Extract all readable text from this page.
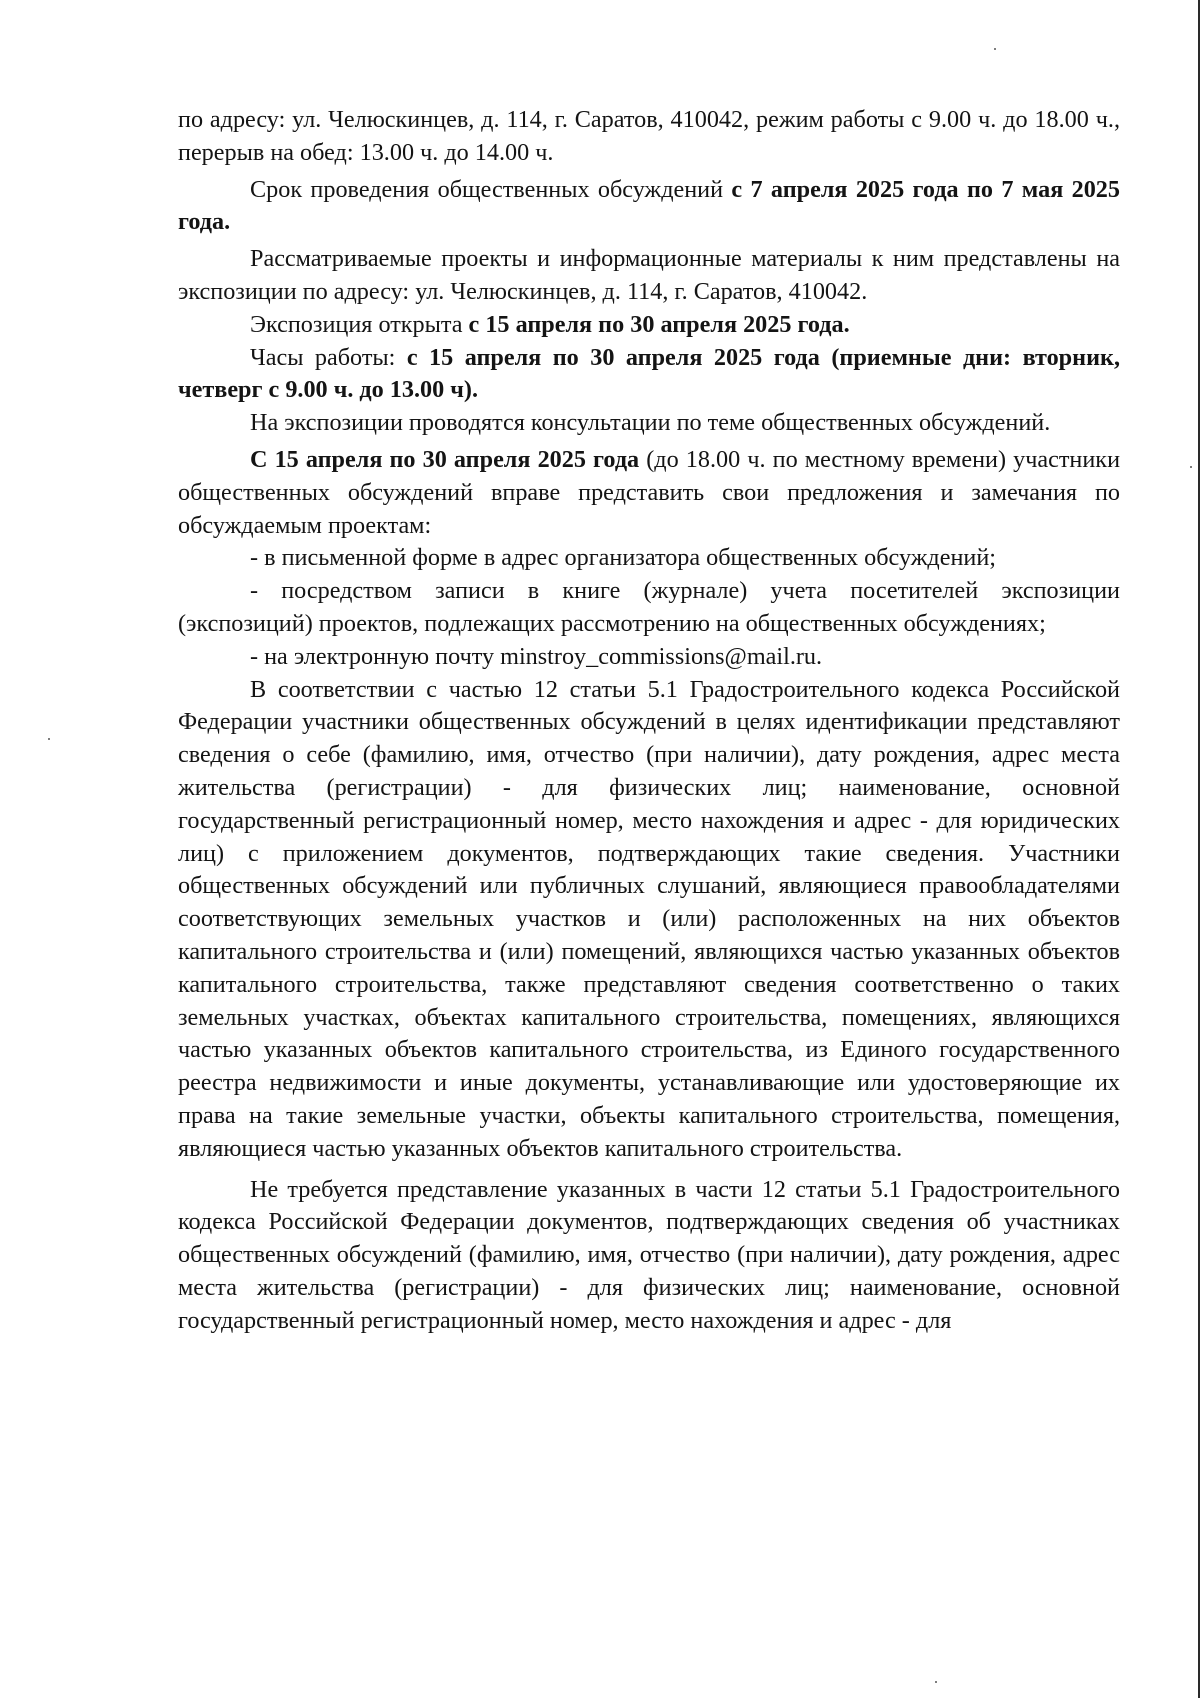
по адресу: ул. Челюскинцев, д. 114, г. Саратов, 410042, режим работы с 9.00 ч. до 18.00 ч., перерыв на обед: 13.00 ч. до 14.00 ч.

Срок проведения общественных обсуждений с 7 апреля 2025 года по 7 мая 2025 года.

Рассматриваемые проекты и информационные материалы к ним представлены на экспозиции по адресу: ул. Челюскинцев, д. 114, г. Саратов, 410042.

Экспозиция открыта с 15 апреля по 30 апреля 2025 года.

Часы работы: с 15 апреля по 30 апреля 2025 года (приемные дни: вторник, четверг с 9.00 ч. до 13.00 ч).

На экспозиции проводятся консультации по теме общественных обсуждений.

С 15 апреля по 30 апреля 2025 года (до 18.00 ч. по местному времени) участники общественных обсуждений вправе представить свои предложения и замечания по обсуждаемым проектам:

- в письменной форме в адрес организатора общественных обсуждений;

- посредством записи в книге (журнале) учета посетителей экспозиции (экспозиций) проектов, подлежащих рассмотрению на общественных обсуждениях;

- на электронную почту minstroy_commissions@mail.ru.

В соответствии с частью 12 статьи 5.1 Градостроительного кодекса Российской Федерации участники общественных обсуждений в целях идентификации представляют сведения о себе (фамилию, имя, отчество (при наличии), дату рождения, адрес места жительства (регистрации) - для физических лиц; наименование, основной государственный регистрационный номер, место нахождения и адрес - для юридических лиц) с приложением документов, подтверждающих такие сведения. Участники общественных обсуждений или публичных слушаний, являющиеся правообладателями соответствующих земельных участков и (или) расположенных на них объектов капитального строительства и (или) помещений, являющихся частью указанных объектов капитального строительства, также представляют сведения соответственно о таких земельных участках, объектах капитального строительства, помещениях, являющихся частью указанных объектов капитального строительства, из Единого государственного реестра недвижимости и иные документы, устанавливающие или удостоверяющие их права на такие земельные участки, объекты капитального строительства, помещения, являющиеся частью указанных объектов капитального строительства.

Не требуется представление указанных в части 12 статьи 5.1 Градостроительного кодекса Российской Федерации документов, подтверждающих сведения об участниках общественных обсуждений (фамилию, имя, отчество (при наличии), дату рождения, адрес места жительства (регистрации) - для физических лиц; наименование, основной государственный регистрационный номер, место нахождения и адрес - для
